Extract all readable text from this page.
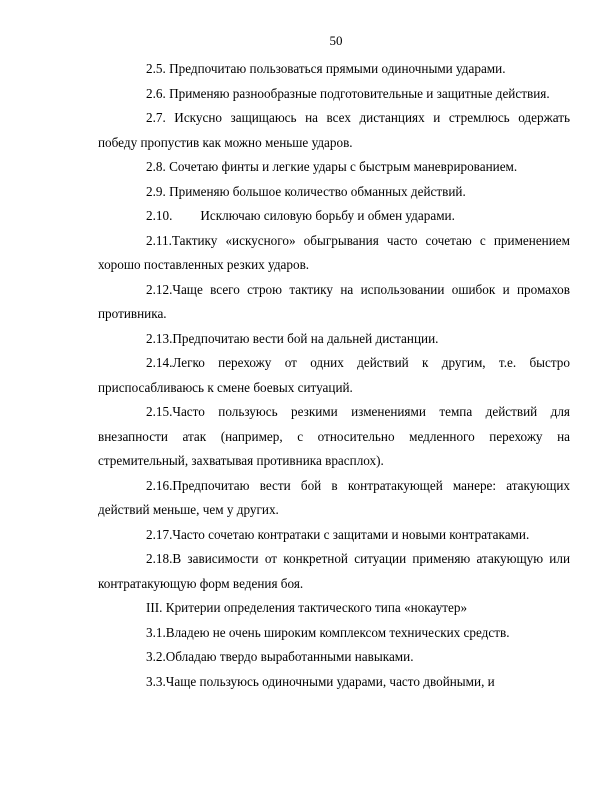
50

2.5. Предпочитаю пользоваться прямыми одиночными ударами.

2.6. Применяю разнообразные подготовительные и защитные действия.

2.7. Искусно защищаюсь на всех дистанциях и стремлюсь одержать победу пропустив как можно меньше ударов.

2.8. Сочетаю финты и легкие удары с быстрым маневрированием.

2.9. Применяю большое количество обманных действий.

2.10. Исключаю силовую борьбу и обмен ударами.

2.11.Тактику «искусного» обыгрывания часто сочетаю с применением хорошо поставленных резких ударов.

2.12.Чаще всего строю тактику на использовании ошибок и промахов противника.

2.13.Предпочитаю вести бой на дальней дистанции.

2.14.Легко перехожу от одних действий к другим, т.е. быстро приспосабливаюсь к смене боевых ситуаций.

2.15.Часто пользуюсь резкими изменениями темпа действий для внезапности атак (например, с относительно медленного перехожу на стремительный, захватывая противника врасплох).

2.16.Предпочитаю вести бой в контратакующей манере: атакующих действий меньше, чем у других.

2.17.Часто сочетаю контратаки с защитами и новыми контратаками.

2.18.В зависимости от конкретной ситуации применяю атакующую или контратакующую форм ведения боя.

III. Критерии определения тактического типа «нокаутер»

3.1.Владею не очень широким комплексом технических средств.

3.2.Обладаю твердо выработанными навыками.

3.3.Чаще пользуюсь одиночными ударами, часто двойными, и
